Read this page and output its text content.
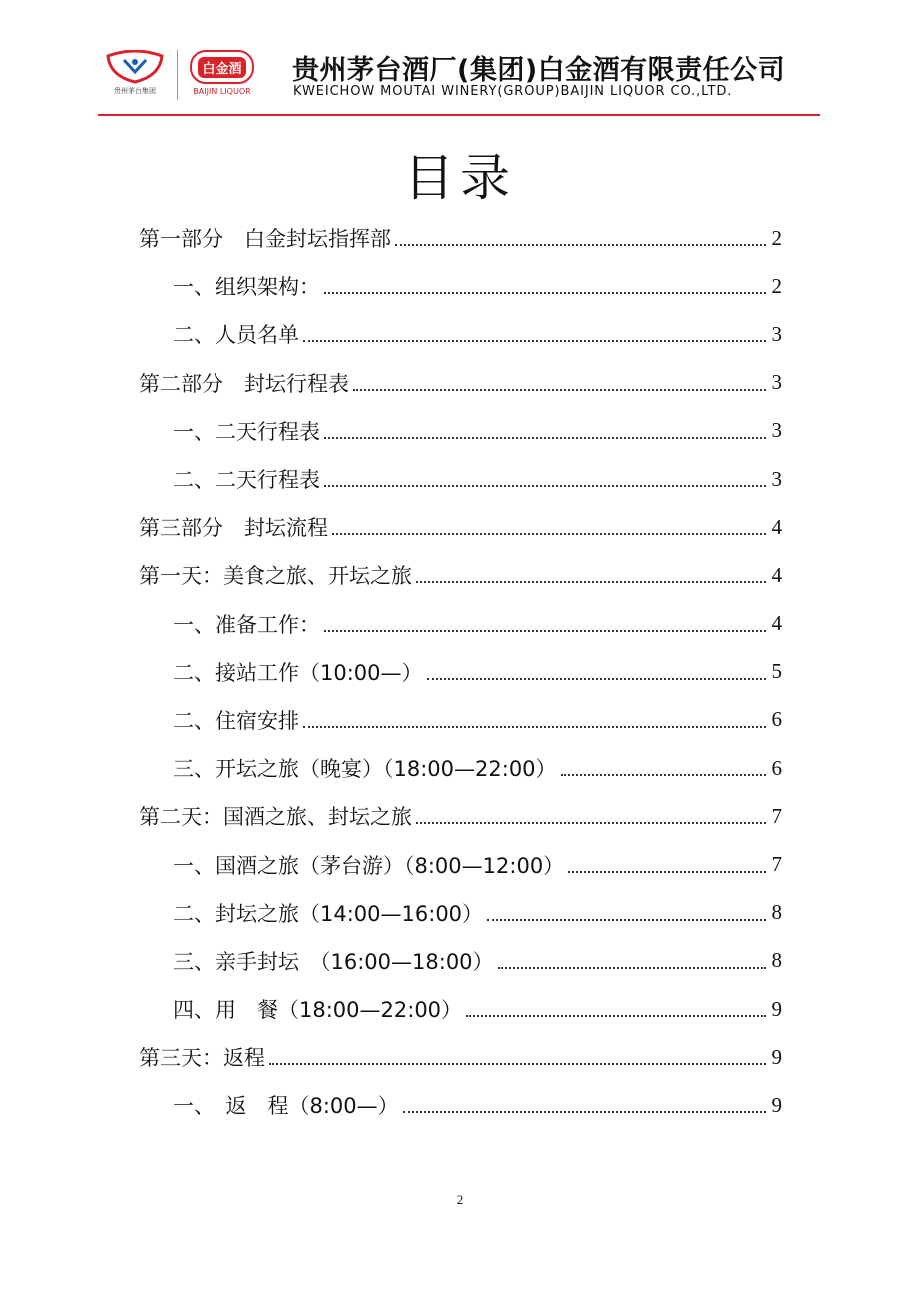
贵州茅台集团
白金酒
BAIJIN LIQUOR
贵州茅台酒厂(集团)白金酒有限责任公司
KWEICHOW MOUTAI WINERY(GROUP)BAIJIN LIQUOR CO.,LTD.
目录
第一部分　白金封坛指挥部	2
一、组织架构：	2
二、人员名单	3
第二部分　封坛行程表	3
一、二天行程表	3
二、二天行程表	3
第三部分　封坛流程	4
第一天：美食之旅、开坛之旅	4
一、准备工作：	4
二、接站工作（10:00—）	5
二、住宿安排	6
三、开坛之旅（晚宴）（18:00—22:00）	6
第二天：国酒之旅、封坛之旅	7
一、国酒之旅（茅台游）（8:00—12:00）	7
二、封坛之旅（14:00—16:00）	8
三、亲手封坛　（16:00—18:00）	8
四、用　餐（18:00—22:00）	9
第三天：返程	9
一、　返　程（8:00—）	9
2
